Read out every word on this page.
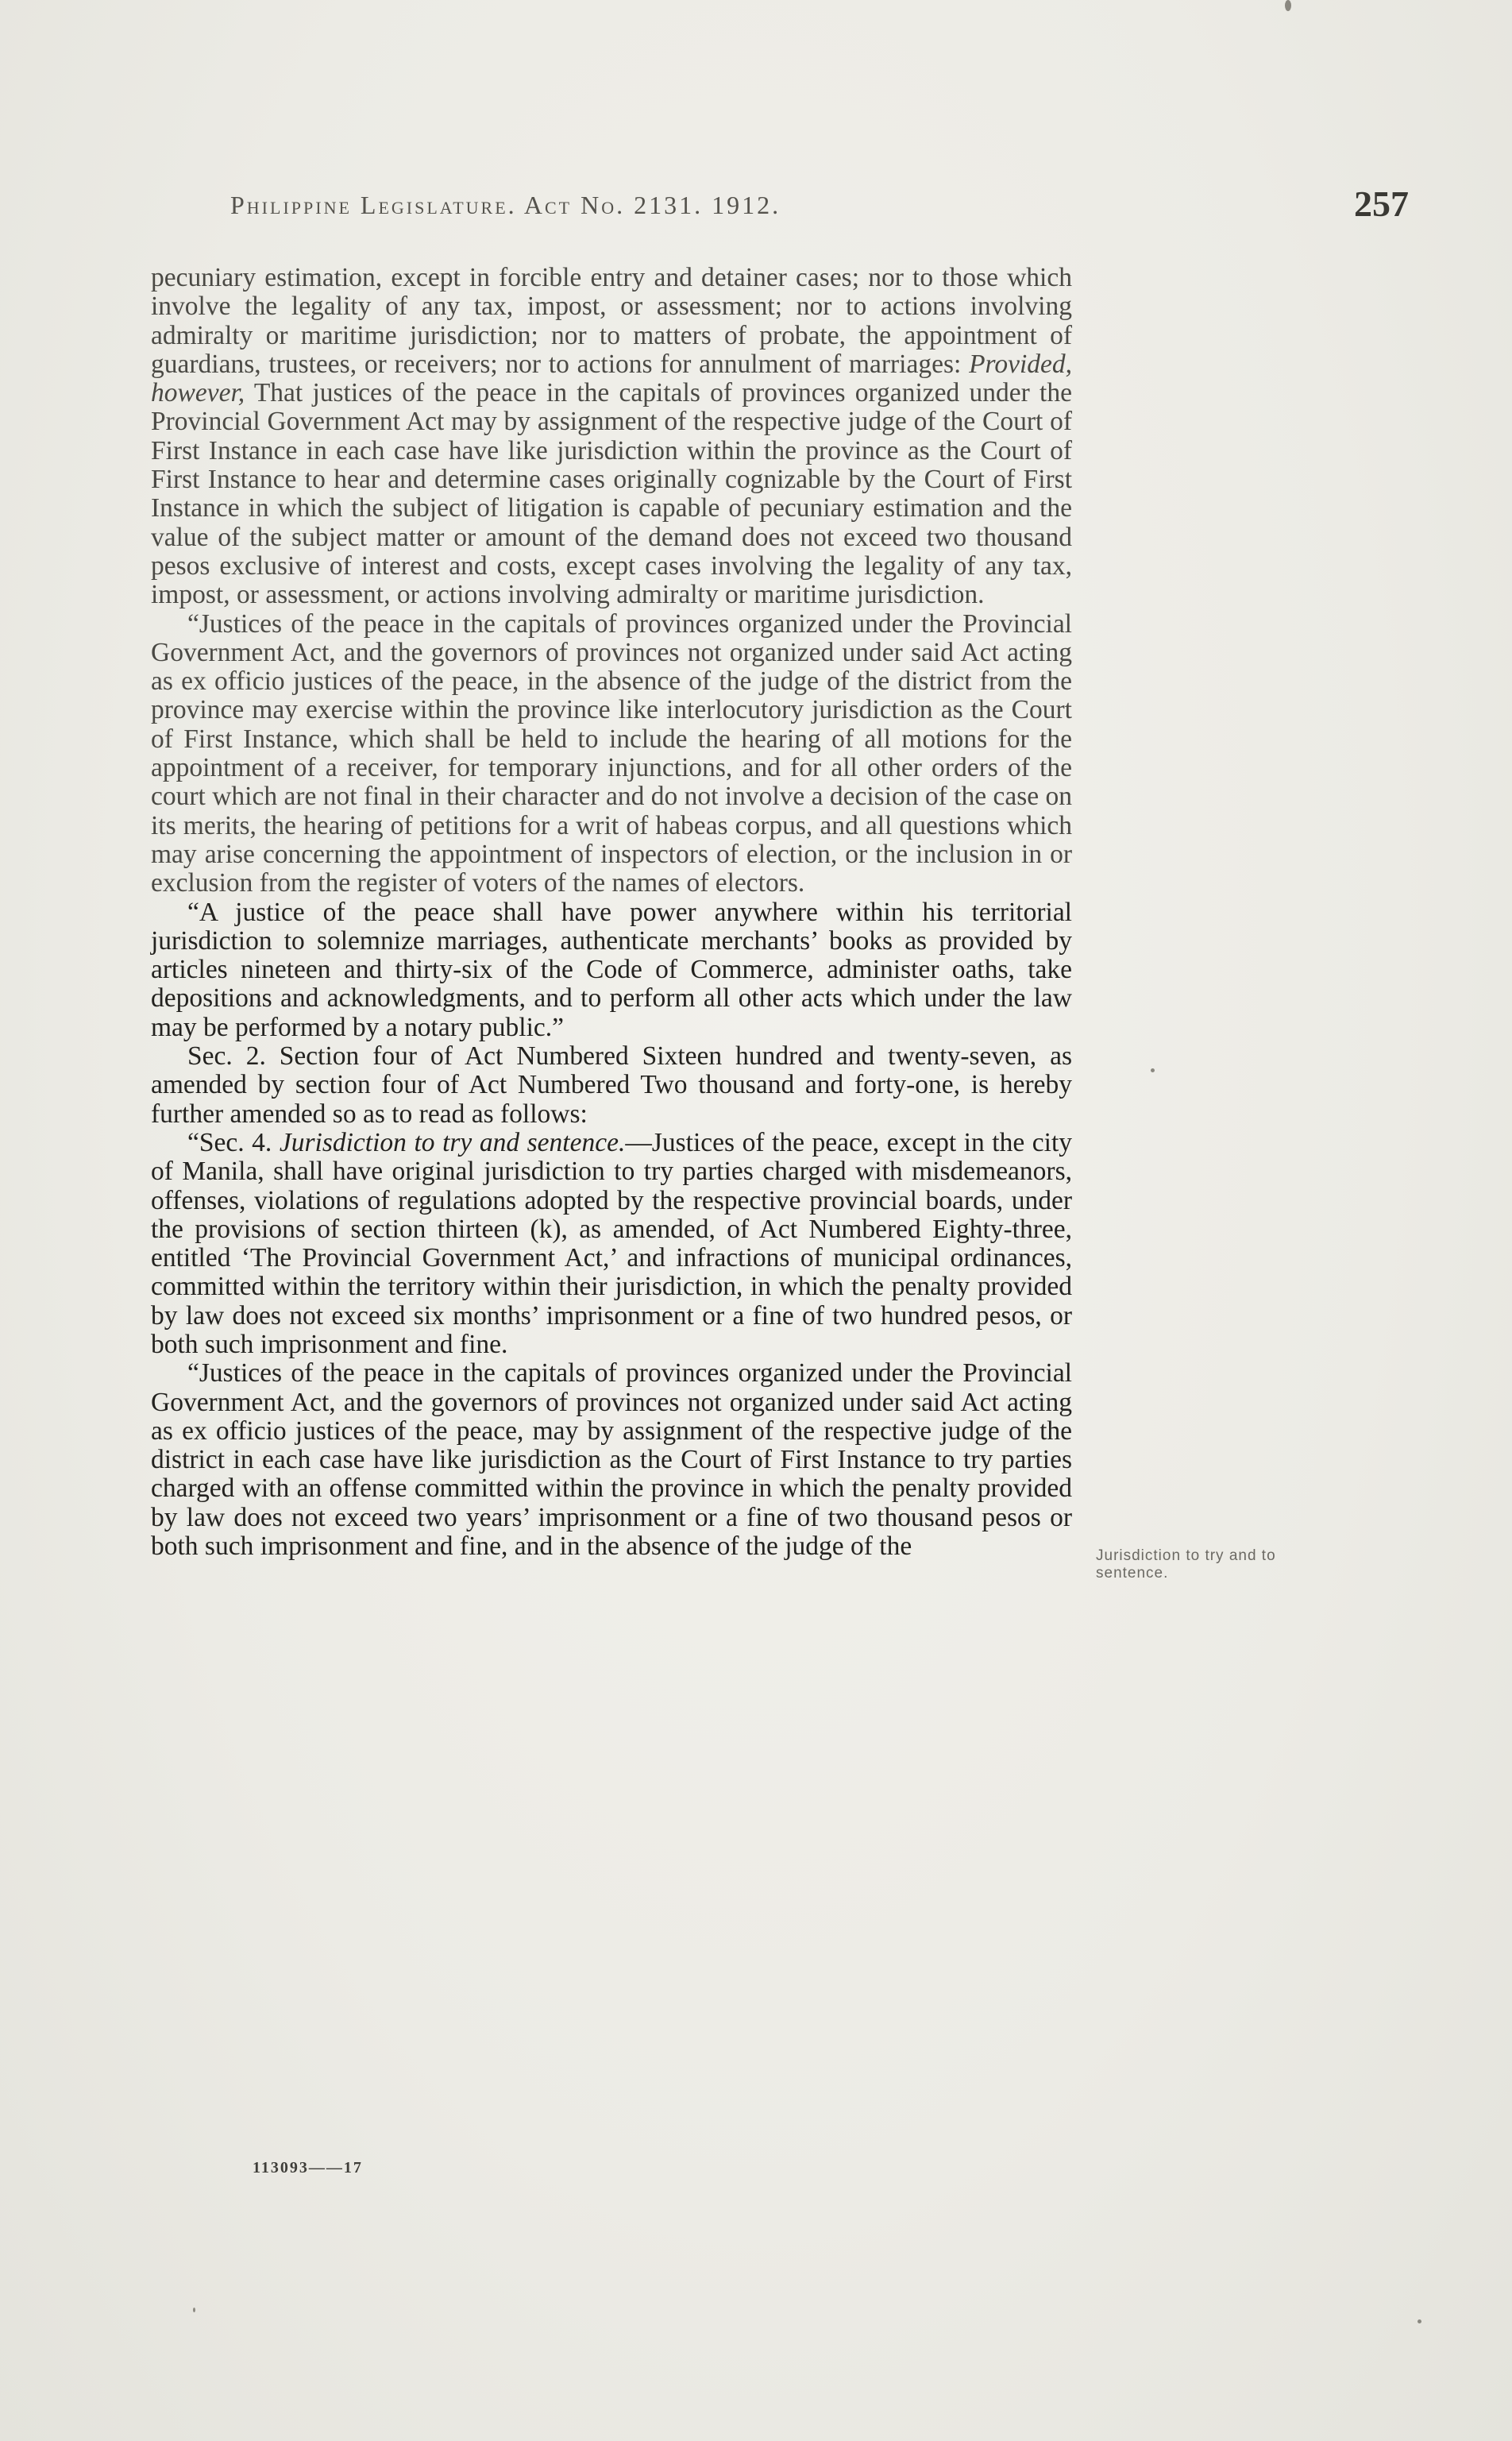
Philippine Legislature. Act No. 2131. 1912.	257

pecuniary estimation, except in forcible entry and detainer cases; nor to those which involve the legality of any tax, impost, or assessment; nor to actions involving admiralty or maritime jurisdiction; nor to matters of probate, the appointment of guardians, trustees, or receivers; nor to actions for annulment of marriages: Provided, however, That justices of the peace in the capitals of provinces organized under the Provincial Government Act may by assignment of the respective judge of the Court of First Instance in each case have like jurisdiction within the province as the Court of First Instance to hear and determine cases originally cognizable by the Court of First Instance in which the subject of litigation is capable of pecuniary estimation and the value of the subject matter or amount of the demand does not exceed two thousand pesos exclusive of interest and costs, except cases involving the legality of any tax, impost, or assessment, or actions involving admiralty or maritime jurisdiction.

“Justices of the peace in the capitals of provinces organized under the Provincial Government Act, and the governors of provinces not organized under said Act acting as ex officio justices of the peace, in the absence of the judge of the district from the province may exercise within the province like interlocutory jurisdiction as the Court of First Instance, which shall be held to include the hearing of all motions for the appointment of a receiver, for temporary injunctions, and for all other orders of the court which are not final in their character and do not involve a decision of the case on its merits, the hearing of petitions for a writ of habeas corpus, and all questions which may arise concerning the appointment of inspectors of election, or the inclusion in or exclusion from the register of voters of the names of electors.

“A justice of the peace shall have power anywhere within his territorial jurisdiction to solemnize marriages, authenticate merchants’ books as provided by articles nineteen and thirty-six of the Code of Commerce, administer oaths, take depositions and acknowledgments, and to perform all other acts which under the law may be performed by a notary public.”

Sec. 2. Section four of Act Numbered Sixteen hundred and twenty-seven, as amended by section four of Act Numbered Two thousand and forty-one, is hereby further amended so as to read as follows:

“Sec. 4. Jurisdiction to try and sentence.—Justices of the peace, except in the city of Manila, shall have original jurisdiction to try parties charged with misdemeanors, offenses, violations of regulations adopted by the respective provincial boards, under the provisions of section thirteen (k), as amended, of Act Numbered Eighty-three, entitled ‘The Provincial Government Act,’ and infractions of municipal ordinances, committed within the territory within their jurisdiction, in which the penalty provided by law does not exceed six months’ imprisonment or a fine of two hundred pesos, or both such imprisonment and fine.

“Justices of the peace in the capitals of provinces organized under the Provincial Government Act, and the governors of provinces not organized under said Act acting as ex officio justices of the peace, may by assignment of the respective judge of the district in each case have like jurisdiction as the Court of First Instance to try parties charged with an offense committed within the province in which the penalty provided by law does not exceed two years’ imprisonment or a fine of two thousand pesos or both such imprisonment and fine, and in the absence of the judge of the	Jurisdiction to try and to sentence.
113093——17
